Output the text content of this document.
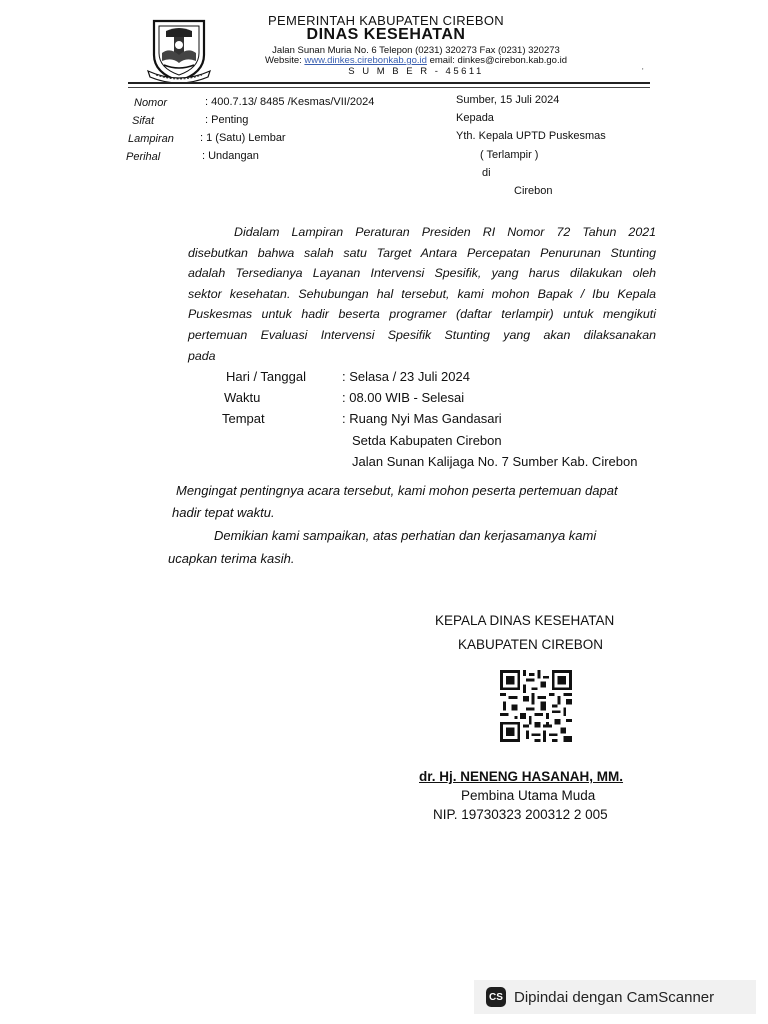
PEMERINTAH KABUPATEN CIREBON
DINAS KESEHATAN
Jalan Sunan Muria No. 6 Telepon (0231) 320273 Fax (0231) 320273
Website: www.dinkes.cirebonkab.go.id email: dinkes@cirebon.kab.go.id
S U M B E R - 45611	'
Nomor	: 400.7.13/ 8485 /Kesmas/VII/2024
Sifat	: Penting
Lampiran : 1 (Satu) Lembar
Perihal	: Undangan
Sumber, 15 Juli 2024
Kepada
Yth. Kepala UPTD Puskesmas
( Terlampir )
di
Cirebon
Didalam Lampiran Peraturan Presiden RI Nomor 72 Tahun 2021
disebutkan bahwa salah satu Target Antara Percepatan Penurunan Stunting
adalah Tersedianya Layanan Intervensi Spesifik, yang harus dilakukan oleh
sektor kesehatan. Sehubungan hal tersebut, kami mohon Bapak / Ibu Kepala
Puskesmas untuk hadir beserta programer (daftar terlampir) untuk mengikuti
pertemuan Evaluasi Intervensi Spesifik Stunting yang akan dilaksanakan
pada
Hari / Tanggal	: Selasa / 23 Juli 2024
Waktu	: 08.00 WIB - Selesai
Tempat	: Ruang Nyi Mas Gandasari
Setda Kabupaten Cirebon
Jalan Sunan Kalijaga No. 7 Sumber Kab. Cirebon
Mengingat pentingnya acara tersebut, kami mohon peserta pertemuan dapat
hadir tepat waktu.
Demikian kami sampaikan, atas perhatian dan kerjasamanya kami
ucapkan terima kasih.
KEPALA DINAS KESEHATAN
KABUPATEN CIREBON
dr. Hj. NENENG HASANAH, MM.
Pembina Utama Muda
NIP. 19730323 200312 2 005
CS Dipindai dengan CamScanner
